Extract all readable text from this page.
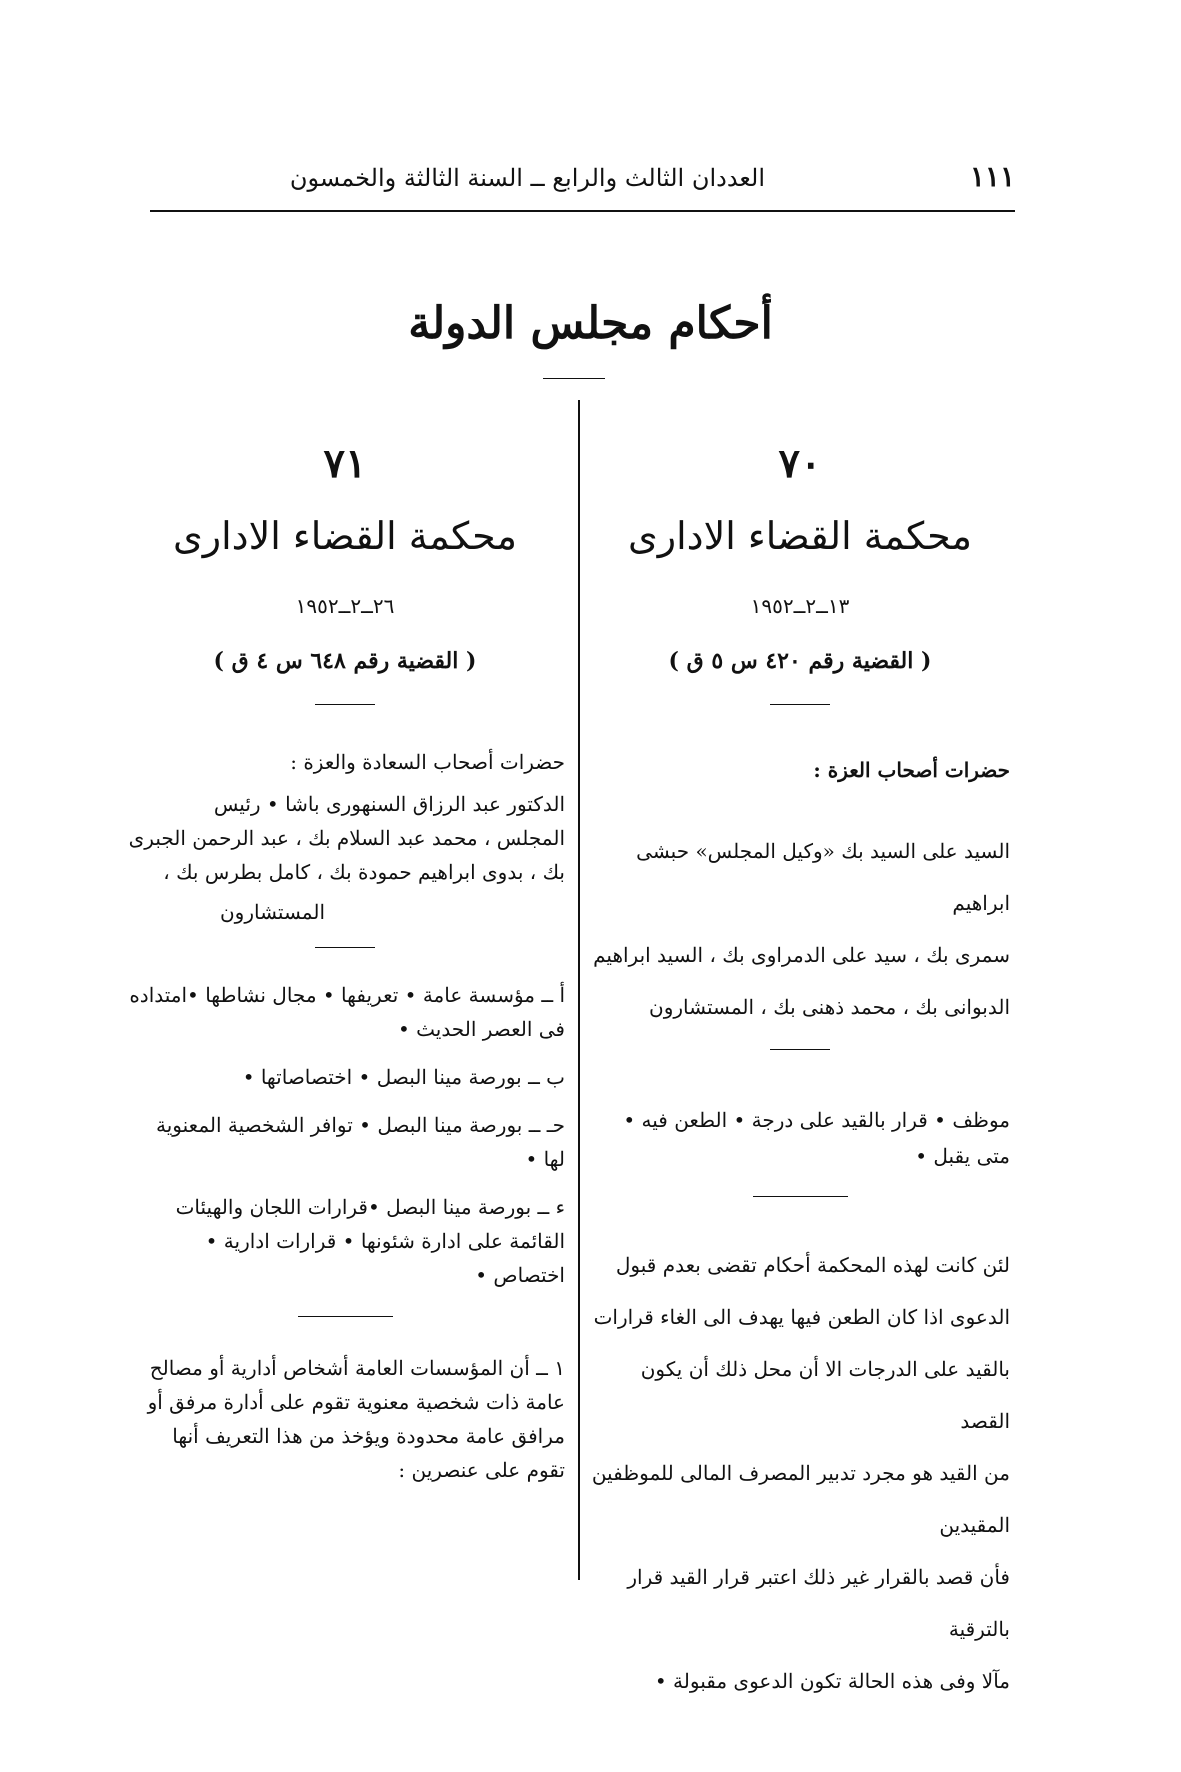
١١١
العددان الثالث والرابع ــ السنة الثالثة والخمسون
أحكام مجلس الدولة
٧٠
محكمة القضاء الادارى
١٣ــ٢ــ١٩٥٢
( القضية رقم ٤٢٠ س ٥ ق )

حضرات أصحاب العزة :

السيد على السيد بك «وكيل المجلس» حبشى ابراهيم

سمرى بك ، سيد على الدمراوى بك ، السيد ابراهيم

الدبوانى بك ، محمد ذهنى بك ، المستشارون

موظف • قرار بالقيد على درجة • الطعن فيه •

متى يقبل •

لئن كانت لهذه المحكمة أحكام تقضى بعدم قبول

الدعوى اذا كان الطعن فيها يهدف الى الغاء قرارات

بالقيد على الدرجات الا أن محل ذلك أن يكون القصد

من القيد هو مجرد تدبير المصرف المالى للموظفين المقيدين

فأن قصد بالقرار غير ذلك اعتبر قرار القيد قرار بالترقية

مآلا وفى هذه الحالة تكون الدعوى مقبولة •

٧١
محكمة القضاء الادارى
٢٦ــ٢ــ١٩٥٢
( القضية رقم ٦٤٨ س ٤ ق )

حضرات أصحاب السعادة والعزة :

الدكتور عبد الرزاق السنهورى باشا • رئيس

المجلس ، محمد عبد السلام بك ، عبد الرحمن الجبرى

بك ، بدوى ابراهيم حمودة بك ، كامل بطرس بك ،

المستشارون

أ ــ مؤسسة عامة • تعريفها • مجال نشاطها •امتداده

فى العصر الحديث •

ب ــ بورصة مينا البصل • اختصاصاتها •

حـ ــ بورصة مينا البصل • توافر الشخصية المعنوية

لها •

ء ــ بورصة مينا البصل •قرارات اللجان والهيئات

القائمة على ادارة شئونها • قرارات ادارية •

اختصاص •

١ ــ أن المؤسسات العامة أشخاص أدارية أو مصالح

عامة ذات شخصية معنوية تقوم على أدارة مرفق أو

مرافق عامة محدودة ويؤخذ من هذا التعريف أنها

تقوم على عنصرين :
